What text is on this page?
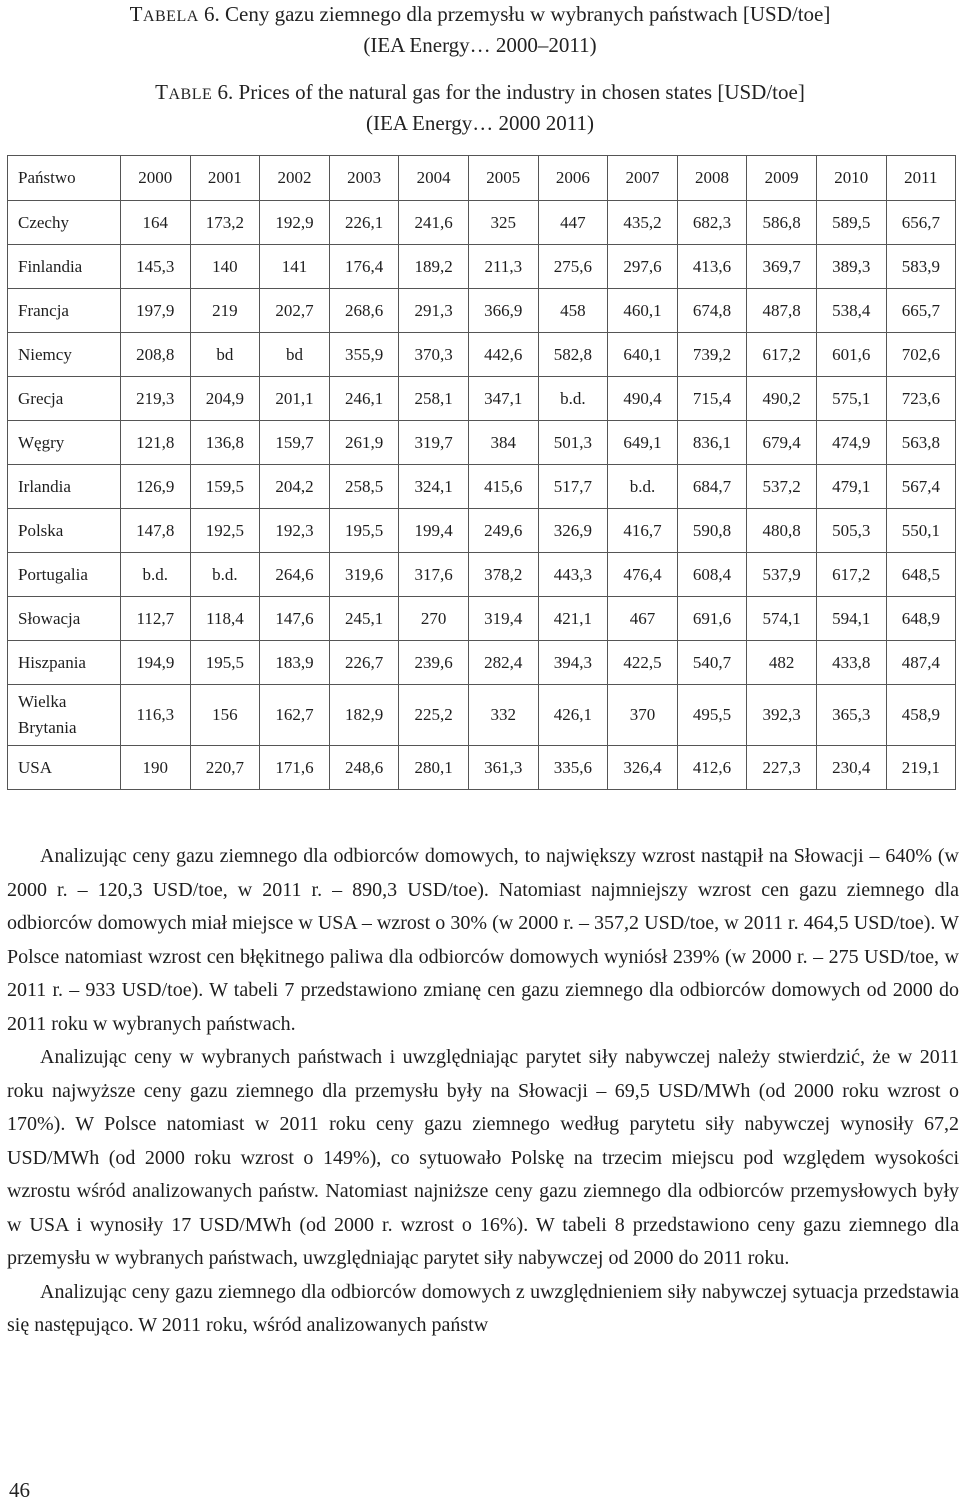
TABELA 6. Ceny gazu ziemnego dla przemysłu w wybranych państwach [USD/toe]
(IEA Energy… 2000–2011)
TABLE 6. Prices of the natural gas for the industry in chosen states [USD/toe]
(IEA Energy… 2000 2011)
Państwo	2000	2001	2002	2003	2004	2005	2006	2007	2008	2009	2010	2011
Czechy	164	173,2	192,9	226,1	241,6	325	447	435,2	682,3	586,8	589,5	656,7
Finlandia	145,3	140	141	176,4	189,2	211,3	275,6	297,6	413,6	369,7	389,3	583,9
Francja	197,9	219	202,7	268,6	291,3	366,9	458	460,1	674,8	487,8	538,4	665,7
Niemcy	208,8	bd	bd	355,9	370,3	442,6	582,8	640,1	739,2	617,2	601,6	702,6
Grecja	219,3	204,9	201,1	246,1	258,1	347,1	b.d.	490,4	715,4	490,2	575,1	723,6
Węgry	121,8	136,8	159,7	261,9	319,7	384	501,3	649,1	836,1	679,4	474,9	563,8
Irlandia	126,9	159,5	204,2	258,5	324,1	415,6	517,7	b.d.	684,7	537,2	479,1	567,4
Polska	147,8	192,5	192,3	195,5	199,4	249,6	326,9	416,7	590,8	480,8	505,3	550,1
Portugalia	b.d.	b.d.	264,6	319,6	317,6	378,2	443,3	476,4	608,4	537,9	617,2	648,5
Słowacja	112,7	118,4	147,6	245,1	270	319,4	421,1	467	691,6	574,1	594,1	648,9
Hiszpania	194,9	195,5	183,9	226,7	239,6	282,4	394,3	422,5	540,7	482	433,8	487,4
Wielka Brytania	116,3	156	162,7	182,9	225,2	332	426,1	370	495,5	392,3	365,3	458,9
USA	190	220,7	171,6	248,6	280,1	361,3	335,6	326,4	412,6	227,3	230,4	219,1

Analizując ceny gazu ziemnego dla odbiorców domowych, to największy wzrost nastąpił na Słowacji – 640% (w 2000 r. – 120,3 USD/toe, w 2011 r. – 890,3 USD/toe). Natomiast najmniejszy wzrost cen gazu ziemnego dla odbiorców domowych miał miejsce w USA – wzrost o 30% (w 2000 r. – 357,2 USD/toe, w 2011 r. 464,5 USD/toe). W Polsce natomiast wzrost cen błękitnego paliwa dla odbiorców domowych wyniósł 239% (w 2000 r. – 275 USD/toe, w 2011 r. – 933 USD/toe). W tabeli 7 przedstawiono zmianę cen gazu ziemnego dla odbiorców domowych od 2000 do 2011 roku w wybranych państwach.

Analizując ceny w wybranych państwach i uwzględniając parytet siły nabywczej należy stwierdzić, że w 2011 roku najwyższe ceny gazu ziemnego dla przemysłu były na Słowacji – 69,5 USD/MWh (od 2000 roku wzrost o 170%). W Polsce natomiast w 2011 roku ceny gazu ziemnego według parytetu siły nabywczej wynosiły 67,2 USD/MWh (od 2000 roku wzrost o 149%), co sytuowało Polskę na trzecim miejscu pod względem wysokości wzrostu wśród analizowanych państw. Natomiast najniższe ceny gazu ziemnego dla odbiorców przemysłowych były w USA i wynosiły 17 USD/MWh (od 2000 r. wzrost o 16%). W tabeli 8 przedstawiono ceny gazu ziemnego dla przemysłu w wybranych państwach, uwzględniając parytet siły nabywczej od 2000 do 2011 roku.

Analizując ceny gazu ziemnego dla odbiorców domowych z uwzględnieniem siły nabywczej sytuacja przedstawia się następująco. W 2011 roku, wśród analizowanych państw

46
